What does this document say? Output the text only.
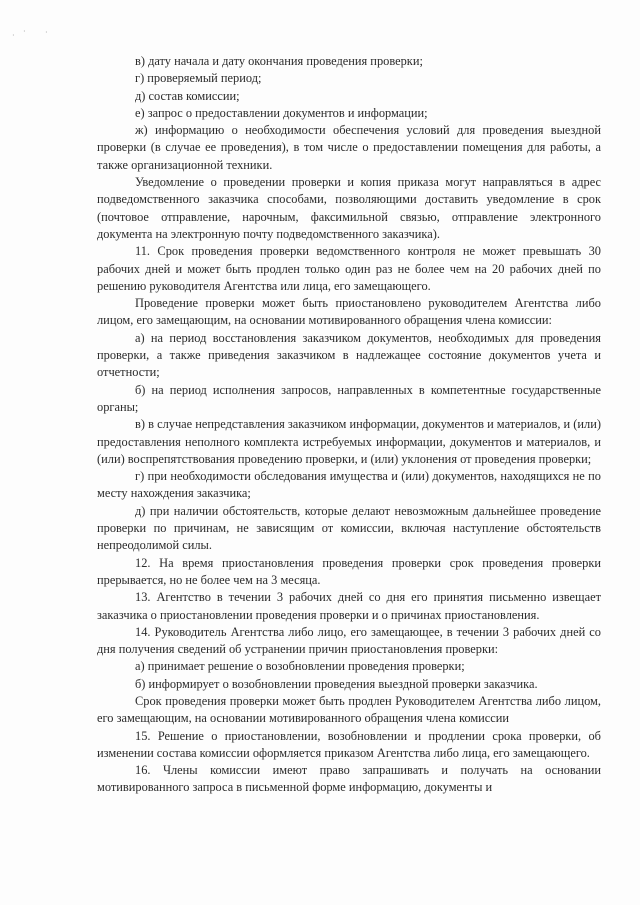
· · ·

в) дату начала и дату окончания проведения проверки;

г) проверяемый период;

д) состав комиссии;

е) запрос о предоставлении документов и информации;

ж) информацию о необходимости обеспечения условий для проведения выездной проверки (в случае ее проведения), в том числе о предоставлении помещения для работы, а также организационной техники.

Уведомление о проведении проверки и копия приказа могут направляться в адрес подведомственного заказчика способами, позволяющими доставить уведомление в срок (почтовое отправление, нарочным, факсимильной связью, отправление электронного документа на электронную почту подведомственного заказчика).

11. Срок проведения проверки ведомственного контроля не может превышать 30 рабочих дней и может быть продлен только один раз не более чем на 20 рабочих дней по решению руководителя Агентства или лица, его замещающего.

Проведение проверки может быть приостановлено руководителем Агентства либо лицом, его замещающим, на основании мотивированного обращения члена комиссии:

а) на период восстановления заказчиком документов, необходимых для проведения проверки, а также приведения заказчиком в надлежащее состояние документов учета и отчетности;

б) на период исполнения запросов, направленных в компетентные государственные органы;

в) в случае непредставления заказчиком информации, документов и материалов, и (или) предоставления неполного комплекта истребуемых информации, документов и материалов, и (или) воспрепятствования проведению проверки, и (или) уклонения от проведения проверки;

г) при необходимости обследования имущества и (или) документов, находящихся не по месту нахождения заказчика;

д) при наличии обстоятельств, которые делают невозможным дальнейшее проведение проверки по причинам, не зависящим от комиссии, включая наступление обстоятельств непреодолимой силы.

12. На время приостановления проведения проверки срок проведения проверки прерывается, но не более чем на 3 месяца.

13. Агентство в течении 3 рабочих дней со дня его принятия письменно извещает заказчика о приостановлении проведения проверки и о причинах приостановления.

14. Руководитель Агентства либо лицо, его замещающее, в течении 3 рабочих дней со дня получения сведений об устранении причин приостановления проверки:

а) принимает решение о возобновлении проведения проверки;

б) информирует о возобновлении проведения выездной проверки заказчика.

Срок проведения проверки может быть продлен Руководителем Агентства либо лицом, его замещающим, на основании мотивированного обращения члена комиссии

15. Решение о приостановлении, возобновлении и продлении срока проверки, об изменении состава комиссии оформляется приказом Агентства либо лица, его замещающего.

16. Члены комиссии имеют право запрашивать и получать на основании мотивированного запроса в письменной форме информацию, документы и
